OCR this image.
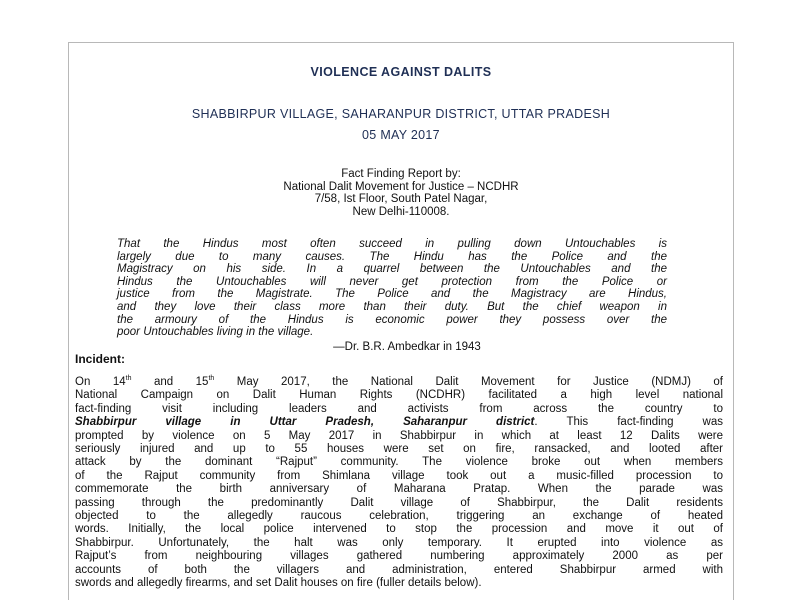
VIOLENCE AGAINST DALITS
SHABBIRPUR VILLAGE, SAHARANPUR DISTRICT, UTTAR PRADESH
05 MAY 2017
Fact Finding Report by:
National Dalit Movement for Justice – NCDHR
7/58, Ist Floor, South Patel Nagar,
New Delhi-110008.
That the Hindus most often succeed in pulling down Untouchables is
largely due to many causes. The Hindu has the Police and the
Magistracy on his side. In a quarrel between the Untouchables and the
Hindus the Untouchables will never get protection from the Police or
justice from the Magistrate. The Police and the Magistracy are Hindus,
and they love their class more than their duty. But the chief weapon in
the armoury of the Hindus is economic power they possess over the
poor Untouchables living in the village.
—Dr. B.R. Ambedkar in 1943
Incident:
On 14th and 15th May 2017, the National Dalit Movement for Justice (NDMJ) of
National Campaign on Dalit Human Rights (NCDHR) facilitated a high level national
fact-finding visit including leaders and activists from across the country to
Shabbirpur village in Uttar Pradesh, Saharanpur district. This fact-finding was
prompted by violence on 5 May 2017 in Shabbirpur in which at least 12 Dalits were
seriously injured and up to 55 houses were set on fire, ransacked, and looted after
attack by the dominant “Rajput” community. The violence broke out when members
of the Rajput community from Shimlana village took out a music-filled procession to
commemorate the birth anniversary of Maharana Pratap. When the parade was
passing through the predominantly Dalit village of Shabbirpur, the Dalit residents
objected to the allegedly raucous celebration, triggering an exchange of heated
words. Initially, the local police intervened to stop the procession and move it out of
Shabbirpur. Unfortunately, the halt was only temporary. It erupted into violence as
Rajput’s from neighbouring villages gathered numbering approximately 2000 as per
accounts of both the villagers and administration, entered Shabbirpur armed with
swords and allegedly firearms, and set Dalit houses on fire (fuller details below).
